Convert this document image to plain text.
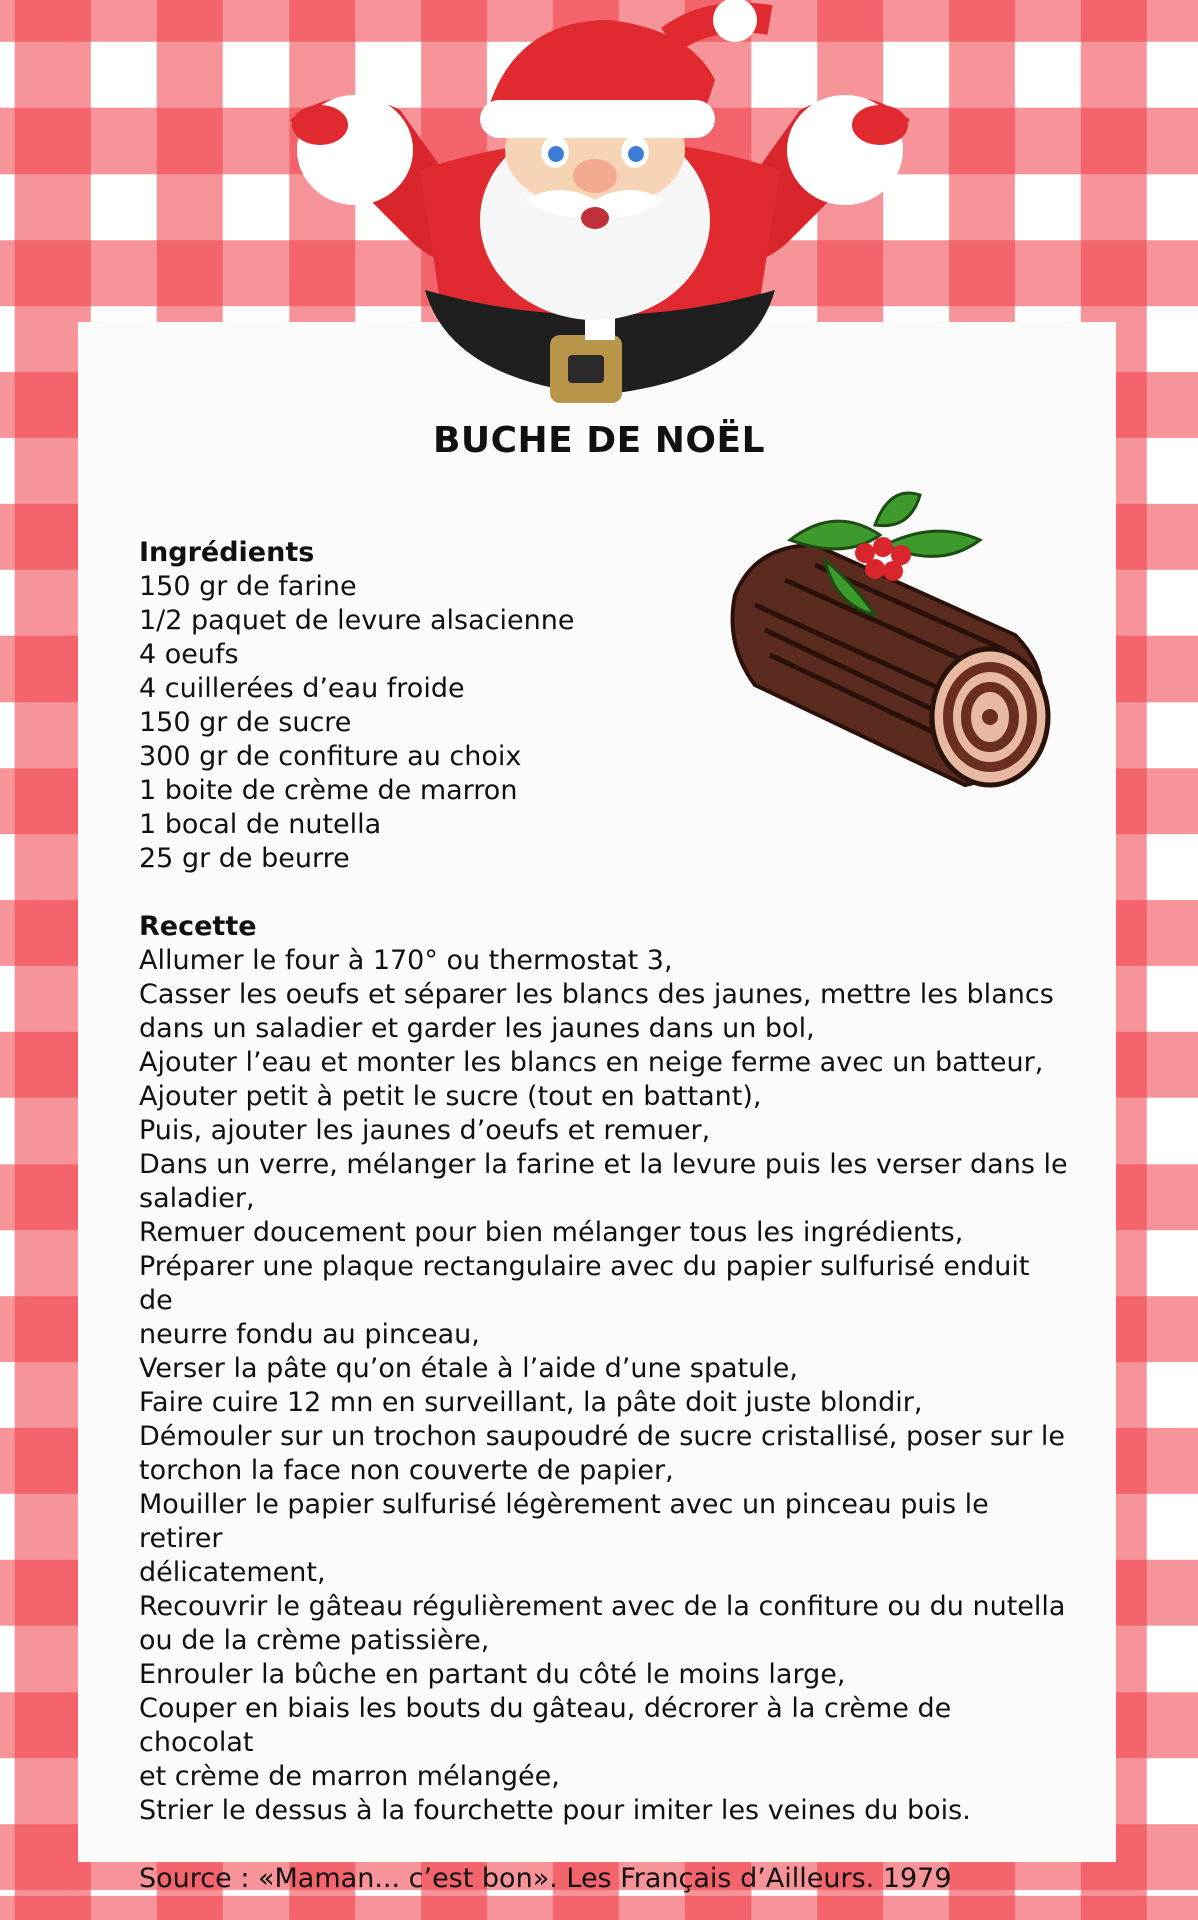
BUCHE DE NOËL
Ingrédients
150 gr de farine
1/2 paquet de levure alsacienne
4 oeufs
4 cuillerées d’eau froide
150 gr de sucre
300 gr de confiture au choix
1 boite de crème de marron
1 bocal de nutella
25 gr de beurre
Recette
Allumer le four à 170° ou thermostat 3,
Casser les oeufs et séparer les blancs des jaunes, mettre les blancs
dans un saladier et garder les jaunes dans un bol,
Ajouter l’eau et monter les blancs en neige ferme avec un batteur,
Ajouter petit à petit le sucre (tout en battant),
Puis, ajouter les jaunes d’oeufs et remuer,
Dans un verre, mélanger la farine et la levure puis les verser dans le
saladier,
Remuer doucement pour bien mélanger tous les ingrédients,
Préparer une plaque rectangulaire avec du papier sulfurisé enduit de
neurre fondu au pinceau,
Verser la pâte qu’on étale à l’aide d’une spatule,
Faire cuire 12 mn en surveillant, la pâte doit juste blondir,
Démouler sur un trochon saupoudré de sucre cristallisé, poser sur le
torchon la face non couverte de papier,
Mouiller le papier sulfurisé légèrement avec un pinceau puis le retirer
délicatement,
Recouvrir le gâteau régulièrement avec de la confiture ou du nutella
ou de la crème patissière,
Enrouler la bûche en partant du côté le moins large,
Couper en biais les bouts du gâteau, décrorer à la crème de chocolat
et crème de marron mélangée,
Strier le dessus à la fourchette pour imiter les veines du bois.
Source : «Maman... c’est bon». Les Français d’Ailleurs. 1979
